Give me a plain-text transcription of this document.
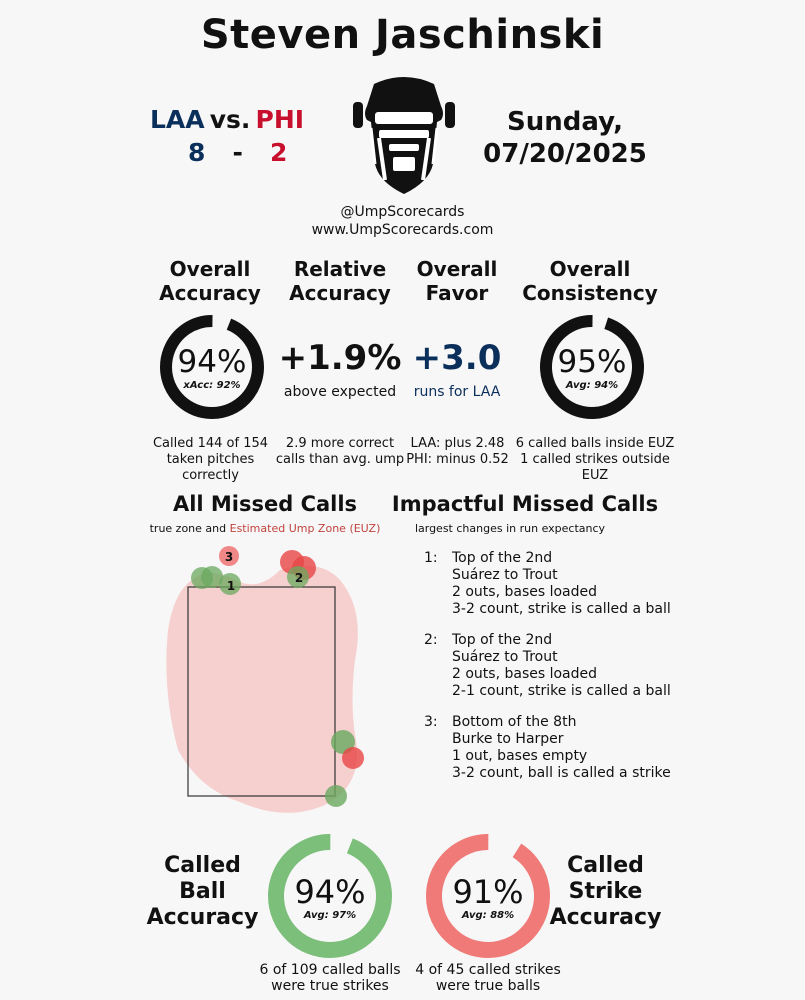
Steven Jaschinski
LAA vs. PHI
8 - 2
Sunday,
07/20/2025
@UmpScorecards
www.UmpScorecards.com
Overall
Accuracy
Relative
Accuracy
Overall
Favor
Overall
Consistency
94%
xAcc: 92%
+1.9%
above expected
+3.0
runs for LAA
95%
Avg: 94%
Called 144 of 154
taken pitches correctly
2.9 more correct
calls than avg. ump
LAA: plus 2.48
PHI: minus 0.52
6 called balls inside EUZ
1 called strikes outside EUZ
All Missed Calls
true zone and Estimated Ump Zone (EUZ)
1
2
3
Impactful Missed Calls
largest changes in run expectancy
1: Top of the 2nd
Suárez to Trout
2 outs, bases loaded
3-2 count, strike is called a ball
2: Top of the 2nd
Suárez to Trout
2 outs, bases loaded
2-1 count, strike is called a ball
3: Bottom of the 8th
Burke to Harper
1 out, bases empty
3-2 count, ball is called a strike
Called
Ball
Accuracy
94%
Avg: 97%
6 of 109 called balls
were true strikes
91%
Avg: 88%
4 of 45 called strikes
were true balls
Called
Strike
Accuracy
